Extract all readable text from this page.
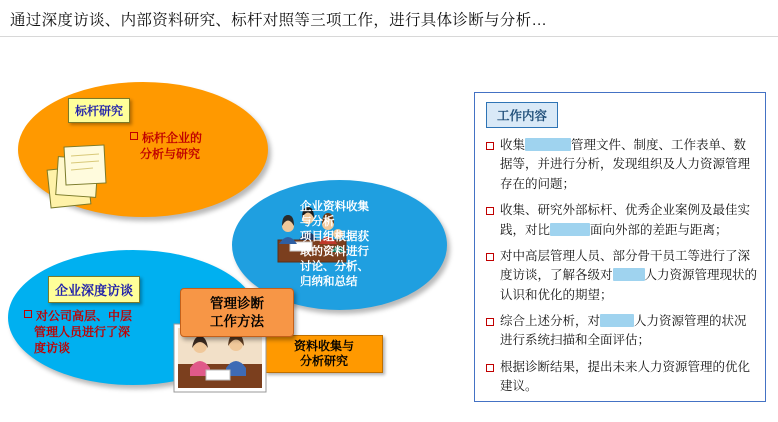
通过深度访谈、内部资料研究、标杆对照等三项工作，进行具体诊断与分析…
标杆研究
标杆企业的
分析与研究
企业深度访谈
对公司高层、中层
管理人员进行了深
度访谈
企业资料收集
与分析
项目组根据获
取的资料进行
讨论、分析、
归纳和总结
资料收集与
分析研究
管理诊断
工作方法
工作内容
收集	管理文件、制度、工作表单、数据等，并进行分析，发现组织及人力资源管理存在的问题；
收集、研究外部标杆、优秀企业案例及最佳实践，对比	面向外部的差距与距离；
对中高层管理人员、部分骨干员工等进行了深度访谈，了解各级对	人力资源管理现状的认识和优化的期望；
综合上述分析，对	人力资源管理的状况进行系统扫描和全面评估；
根据诊断结果，提出未来人力资源管理的优化建议。
